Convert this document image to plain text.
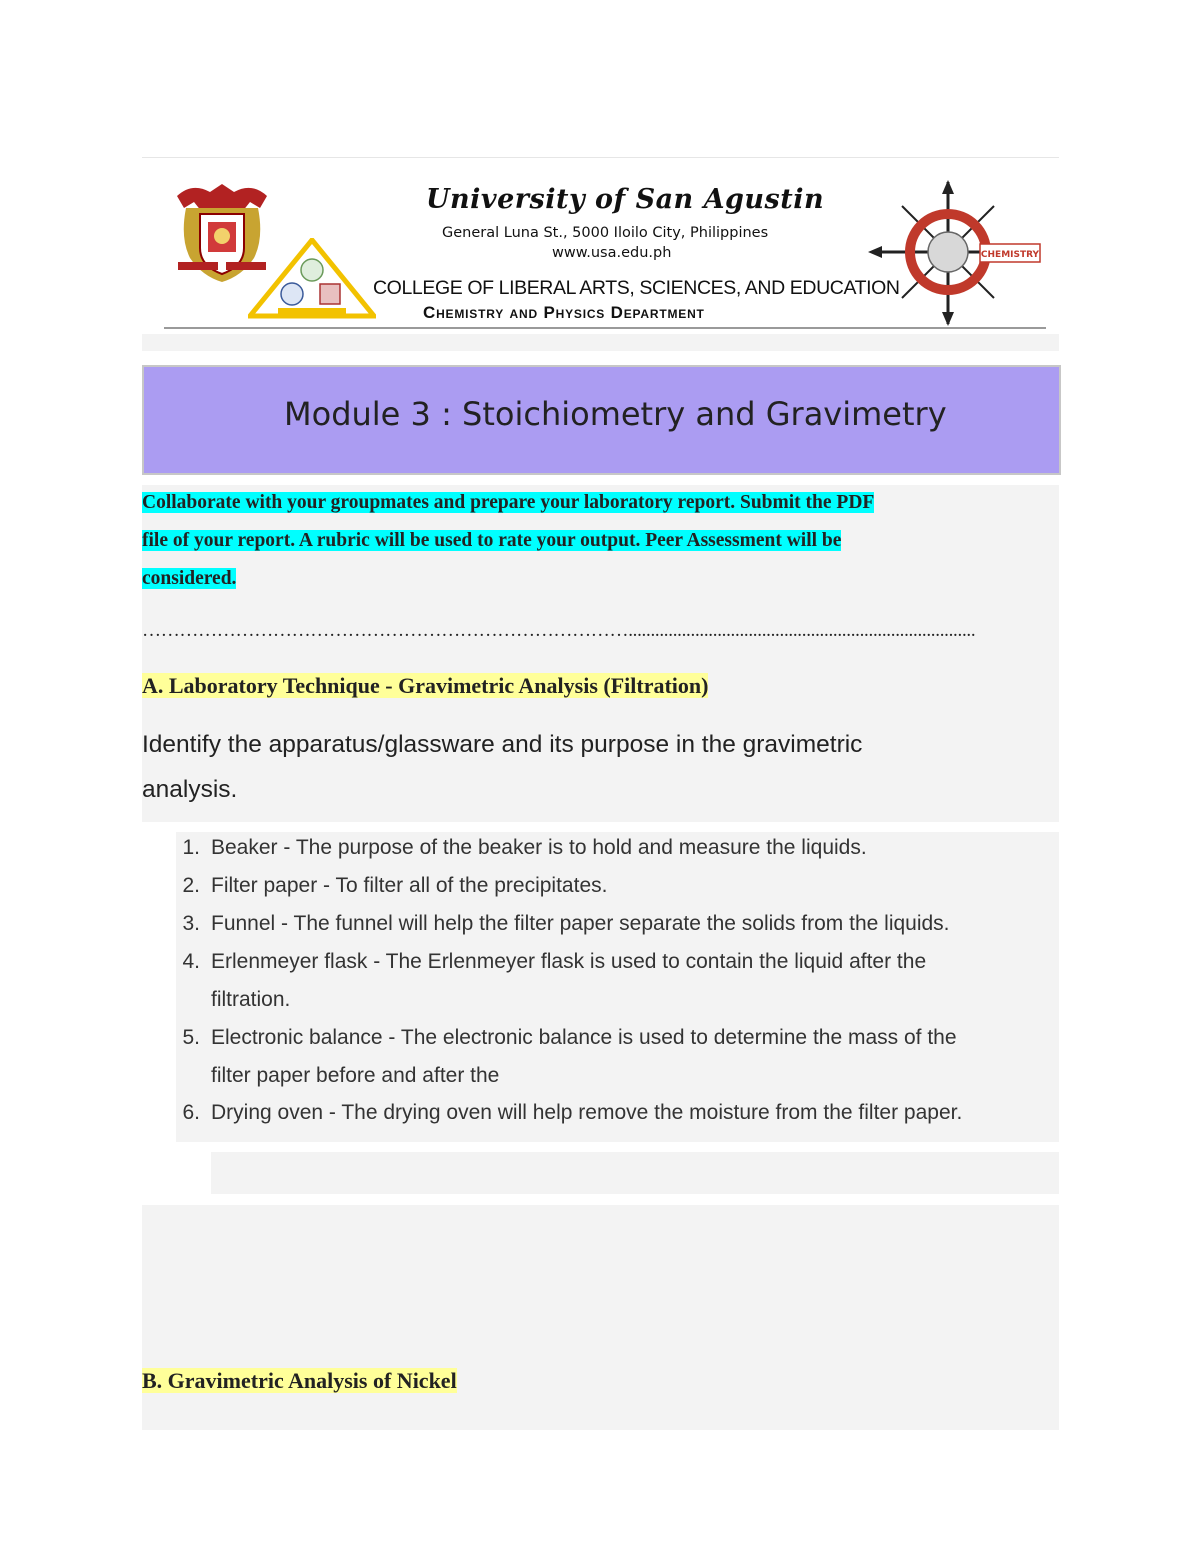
CHEMISTRY
University of San Agustin
General Luna St., 5000 Iloilo City, Philippines
www.usa.edu.ph
COLLEGE OF LIBERAL ARTS, SCIENCES, AND EDUCATION
Chemistry and Physics Department
Module 3 : Stoichiometry and Gravimetry
Collaborate with your groupmates and prepare your laboratory report. Submit the PDF
file of your report. A rubric will be used to rate your output. Peer Assessment will be
considered.
……………………………………………………………………..............................................................................
A. Laboratory Technique - Gravimetric Analysis (Filtration)
Identify the apparatus/glassware and its purpose in the gravimetric
analysis.
1. Beaker - The purpose of the beaker is to hold and measure the liquids.
2. Filter paper - To filter all of the precipitates.
3. Funnel - The funnel will help the filter paper separate the solids from the liquids.
4. Erlenmeyer flask - The Erlenmeyer flask is used to contain the liquid after the
filtration.
5. Electronic balance - The electronic balance is used to determine the mass of the
filter paper before and after the
6. Drying oven - The drying oven will help remove the moisture from the filter paper.
B. Gravimetric Analysis of Nickel
